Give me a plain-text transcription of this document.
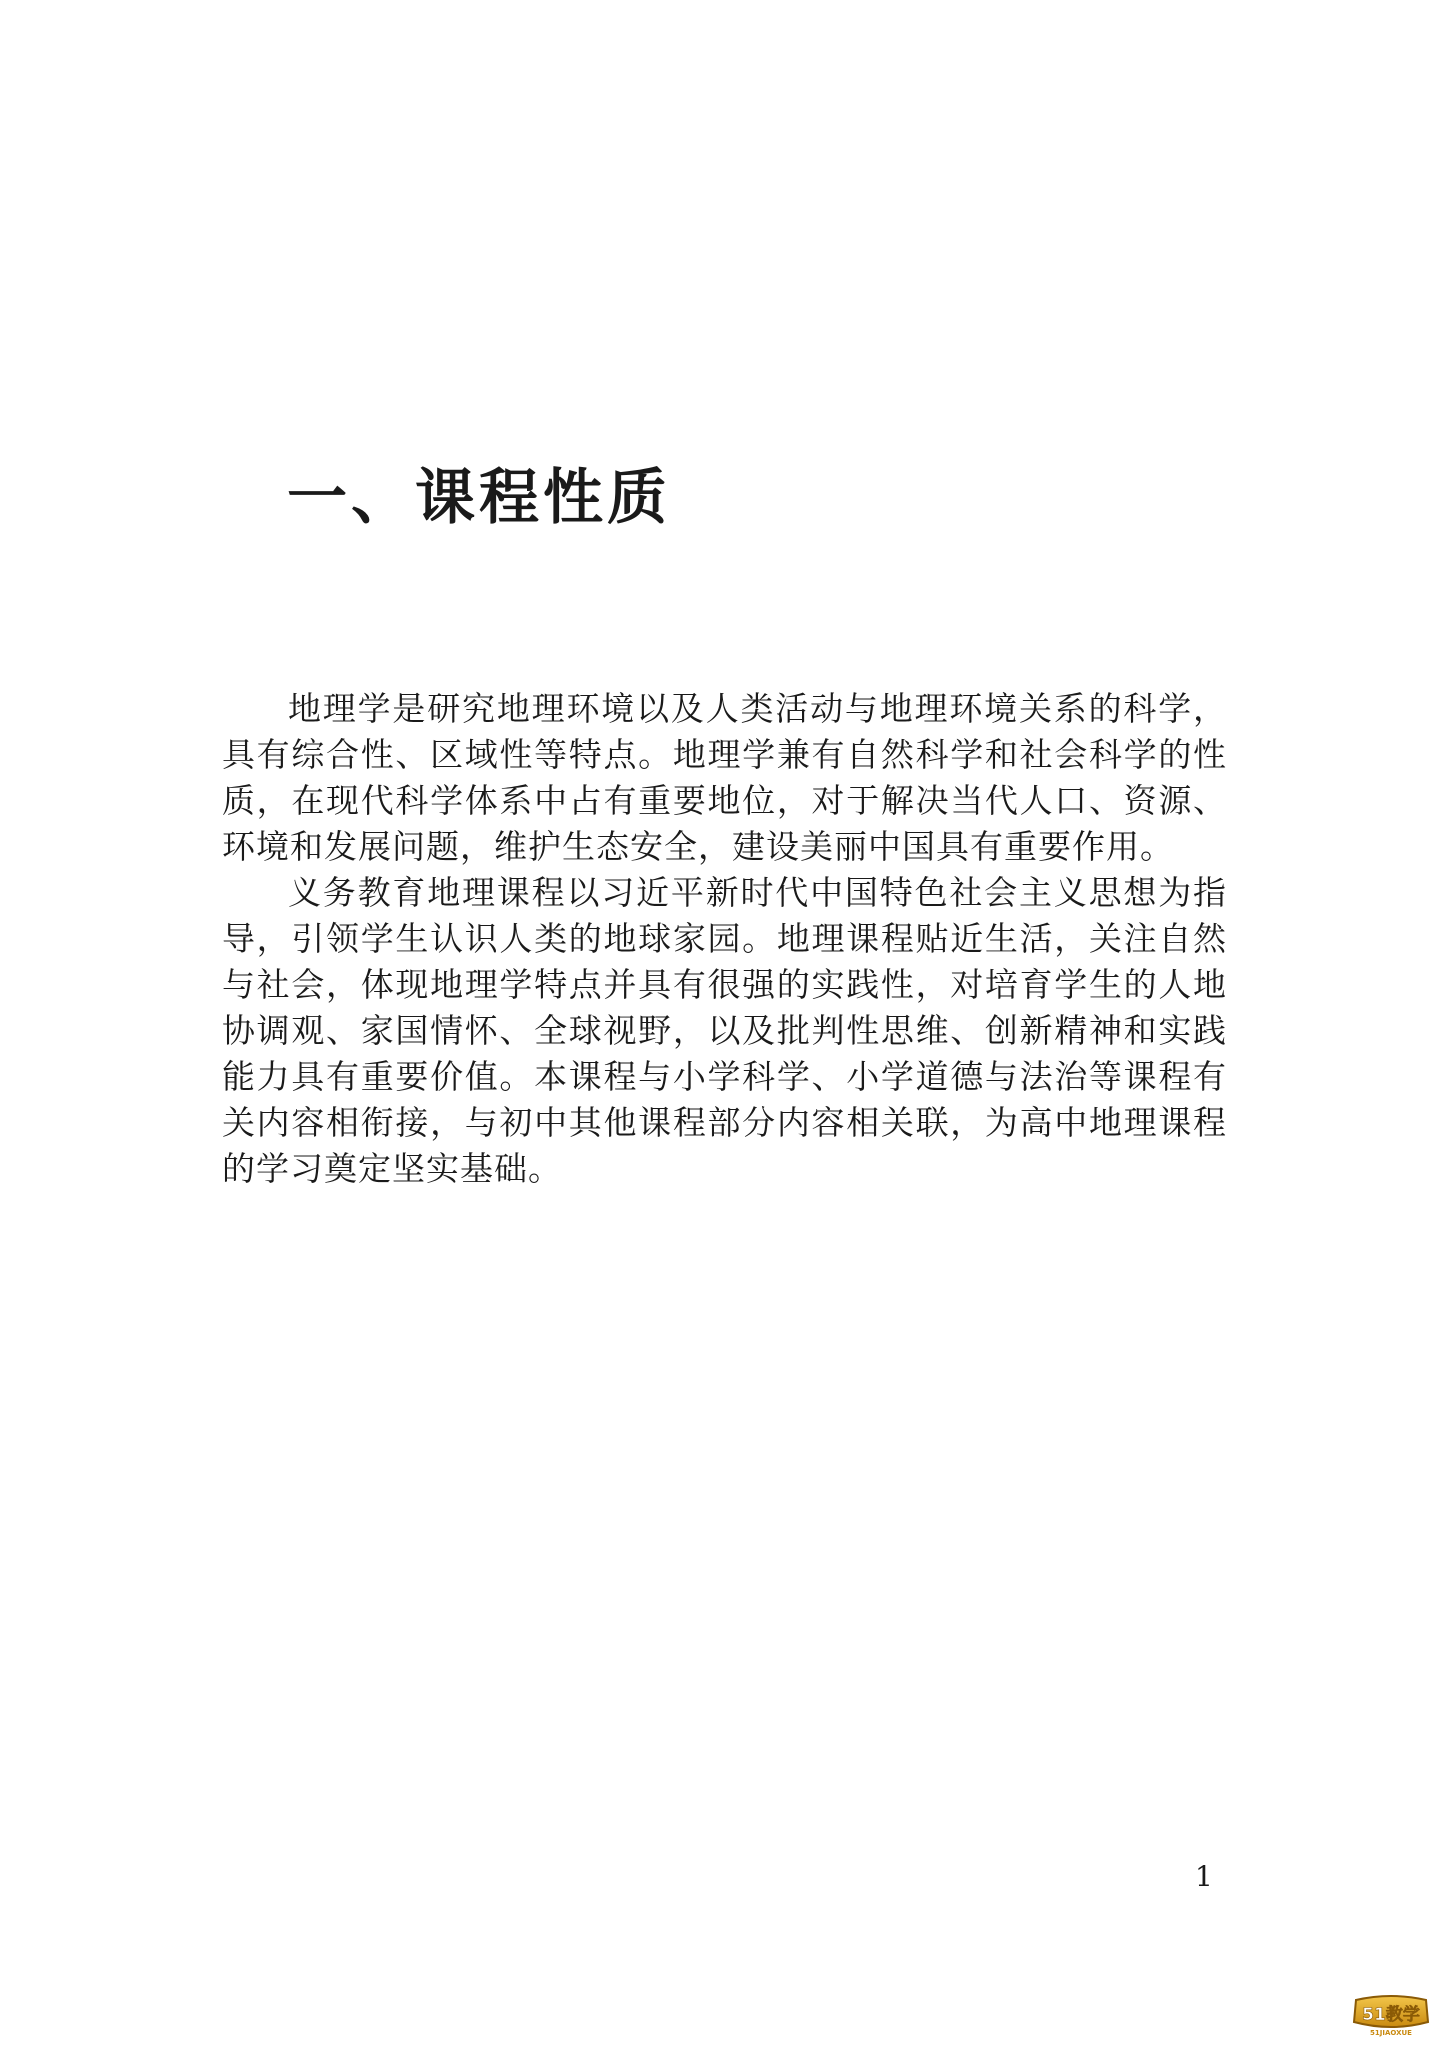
一、课程性质

地理学是研究地理环境以及人类活动与地理环境关系的科学，具有综合性、区域性等特点。地理学兼有自然科学和社会科学的性质，在现代科学体系中占有重要地位，对于解决当代人口、资源、环境和发展问题，维护生态安全，建设美丽中国具有重要作用。

义务教育地理课程以习近平新时代中国特色社会主义思想为指导，引领学生认识人类的地球家园。地理课程贴近生活，关注自然与社会，体现地理学特点并具有很强的实践性，对培育学生的人地协调观、家国情怀、全球视野，以及批判性思维、创新精神和实践能力具有重要价值。本课程与小学科学、小学道德与法治等课程有关内容相衔接，与初中其他课程部分内容相关联，为高中地理课程的学习奠定坚实基础。

1
51教学
51JIAOXUE
